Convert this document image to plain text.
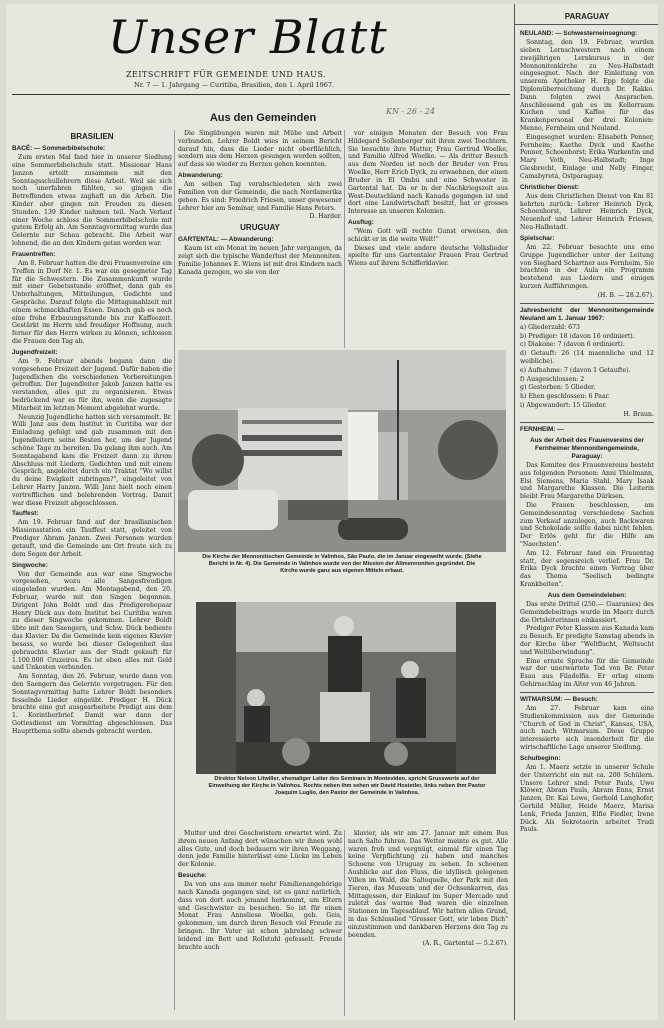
Unser Blatt
ZEITSCHRIFT FÜR GEMEINDE UND HAUS.
Nr. 7 — 1. Jahrgang — Curitiba, Brasilien, den 1. April 1967.
KN - 26 - 24
BRASILIEN
BACÉ: — Sommerbibelschule:

Zum ersten Mal fand hier in unserer Siedlung eine Sommerbibelschule statt. Missionar Hans Janzen erteilt zusammen mit den Sonntagsschullehrern diese Arbeit. Weil sie sich noch unerfahren fühlten, so gingen die Betreffenden etwas zaghaft an die Arbeit. Die Kinder aber gingen mit Freuden zu diesen Stunden. 139 Kinder nahmen teil. Nach Verlauf einer Woche schloss die Sommerbibelschule mit gutem Erfolg ab. Am Sonntagvormittag wurde das Gelernte zur Schau gebracht. Die Arbeit war lohnend, die an den Kindern getan worden war.

Frauentreffen:

Am 8. Februar hatten die drei Frauenvereine ein Treffen in Dorf Nr. 1. Es war ein gesegneter Tag für die Schwestern. Die Zusammenkunft wurde mit einer Gebetsstunde eröffnet, dann gab es Unterhaltungen, Mitteilungen, Gedichte und Gespräche. Darauf folgte die Mittagsmahlzeit mit einem schmackhaften Essen. Danach gab es noch eine frohe Erbauungsstunde bis zur Kaffeezeit. Gestärkt im Herrn und freudiger Hoffnung, auch ferner für den Herrn wirken zu können, schlossen die Frauen den Tag ab.

Jugendfreizeit:

Am 9. Februar abends begann dann die vorgesehene Freizeit der Jugend. Dafür haben die Jugendlichen die verschiedenen Vorbereitungen getroffen. Der Jugendleiter Jakob Janzen hatte es verstanden, alles gut zu organisieren. Etwas bedrückend war es für ihn, wenn die zugesagte Mitarbeit im letzten Moment abgelehnt wurde.

Neunzig Jugendliche hatten sich versammelt. Br. Willi Janz aus dem Institut in Curitiba war der Einladung gefolgt und gab zusammen mit den Jugendleitern seine Besten her, um der Jugend schöne Tage zu bereiten. Da gelang ihm auch. Am Sonntagabend kam die Freizeit dann zu ihrem Abschluss mit Liedern, Gedichten und mit einem Gespräch, angeleitet durch ein Traktat "Wo willst du deine Ewigkeit zubringen?", eingeleitet von Lehrer Harry Janzen. Willi Janz hielt noch einen vortrefflichen und belehrenden Vortrag. Damit war diese Freizeit abgeschlossen.

Tauffest:

Am 19. Februar fand auf der brasilianischen Missionsstation ein Tauffest statt, geleitet von Prediger Abram Janzen. Zwei Personen wurden getauft, und die Gemeinde am Ort freute sich zu dem Segen der Arbeit.

Singwoche:

Von der Gemeinde aus war eine Singwoche vorgesehen, wozu alle Sangesfreudigen eingeladen wurden. Am Montagabend, den 20. Februar, wurde mit den Singen begonnen. Dirigent John Boldt und das Predigerehepaar Henry Dück aus dem Institut bei Curitiba waren zu dieser Singwoche gekommen. Lehrer Boldt übte mit den Saengern, und Schw. Dück bediente das Klavier. Da die Gemeinde kein eigenes Klavier besass, so wurde bei dieser Gelegenheit das gebrauchte Klavier aus der Stadt gekauft für 1.100.000 Cruzeiros. Es ist eben alles mit Geld und Unkosten verbunden.

Am Sonntag, den 26. Februar, wurde dann von den Saengern das Gelernte vorgetragen. Für den Sonntagvormittag hatte Lehrer Boldt besonders fesselnde Lieder eingeübt. Prediger H. Dück brachte eine gut ausgearbeitete Predigt aus dem 1. Korintherbrief. Damit war dann der Gottesdienst am Vormittag abgeschlossen. Das Hauptthema sollte abends gebracht werden.

Aus den Gemeinden

Die Singübungen waren mit Mühe und Arbeit verbunden. Lehrer Boldt wies in seinem Bericht darauf hin, dass die Lieder nicht oberflächlich, sondern aus dem Herzen gesungen werden sollten, auf dass sie wieder zu Herzen gehen koennten.

Abwanderung:

Am selben Tag verabschiedeten sich zwei Familien von der Gemeinde, die nach Nordamerika gehen. Es sind: Friedrich Friesen, unser gewesener Lehrer hier am Seminar, und Familie Hans Peters.

D. Harder.
URUGUAY
GARTENTAL: — Abwanderung:

Kaum ist ein Monat im neuen Jahr vergangen, da zeigt sich die typische Wanderlust der Mennoniten. Familie Johannes E. Wiens ist mit drei Kindern nach Kanada gezogen, wo sie von der

vor einigen Monaten der Besuch von Frau Hildegard Sollenberger mit ihren zwei Toechtern. Sie besuchte ihre Mutter, Frau Gertrud Woelke, und Familie Alfred Woelke. — Als dritter Besuch aus dem Norden ist noch der Bruder von Frau Woelke, Herr Erich Dyck, zu erwaehnen, der einen Bruder in El Ombú und eine Schwester in Gartental hat. Da er in der Nachkriegszeit aus West-Deutschland nach Kanada gegangen ist und dort eine Landwirtschaft besitzt, hat er grosses Interesse an unseren Kolonien.

Ausflug:

"Wem Gott will rechte Gunst erweisen, den schickt er in die weite Welt!"

Dieses und viele andere deutsche Volkslieder spielte für uns Gartentaler Frauen Frau Gertrud Wiens auf ihrem Schifferklavier.

Die Kirche der Mennonitischen Gemeinde in Valinhos, São Paulo, die im Januar eingeweiht wurde. (Siehe Bericht in Nr. 4). Die Gemeinde in Valinhos wurde von der Mission der Altmennoniten gegründet. Die Kirche wurde ganz aus eigenen Mitteln erbaut.
Direktor Nelson Litwiller, ehemaliger Leiter des Seminars in Montevideo, spricht Grussworte auf der Einweihung der Kirche in Valinhos. Rechts neben ihm sehen wir David Hostetler, links neben ihm Pastor Joaquim Luglio, den Pastor der Gemeinde in Valinhos.

Mutter und drei Geschwistern erwartet wird. Zu ihrem neuen Anfang dort wünschen wir ihnen wohl alles Gute, und doch bedauern wir ihren Weggang, denn jede Familie hinterlässt eine Lücke im Leben der Kolonie.

Besuche:

Da von uns aus immer mehr Familienangehörige nach Kanada gegangen sind, ist es ganz natürlich, dass von dort auch jemand herkommt, um Eltern und Geschwister zu besuchen. So ist für einen Monat Frau Anneliese Woelke, geb. Geis, gekommen, um durch ihren Besuch viel Freude zu bringen. Ihr Vater ist schon jahrelang schwer leidend im Bett und Rollstuhl gefesselt. Freude brachte auch

klavier, als wir am 27. Januar mit einem Bus nach Salto fuhren. Das Wetter meinte es gut. Alle waren froh und vergnügt, einmal für einen Tag keine Verpflichtung zu haben und manches Schoene von Uruguay zu sehen. In schoenen Ausblicke auf den Fluss, die idyllisch gelegenen Villen im Wald, die Saltoquelle, der Park mit den Tieren, das Museum und der Ochsenkarren, das Mittagessen, der Einkauf im Super Mercado und zuletzt das warme Bad waren die einzelnen Stationen im Tagesablauf. Wir hatten allen Grund, in das Schlusslied "Grosser Gott, wir loben Dich" einzustimmen und dankbaren Herzens den Tag zu beenden.

(A. R., Gartental — 5.2.67).
PARAGUAY
NEULAND: — Schwesterneinsegnung:

Sonntag, den 19. Februar, wurden sieben Lernschwestern nach einem zweijährigen Lernkursus in der Mennonitenkirche zu Neu-Halbstadt eingesegnet. Nach der Einleitung von unserem Apotheker H. Epp folgte die Diplomüberreichung durch Dr. Rakko. Dann folgten zwei Ansprachen. Anschliessend gab es im Kellerraum Kuchen und Kaffee für das Krankenpersonal der drei Kolonien: Menno, Fernheim und Neuland.

Eingesegnet wurden: Elisabeth Penner, Fernheim; Kaethe Dyck und Kaethe Penner, Schoenhorst; Erika Warkentin und Mary Voth, Neu-Halbstadt; Inge Giesbrecht, Einlage und Nelly Finger, Camabyretá, Ostparaguay.

Christlicher Dienst:

Aus dem Christlichen Dienst von Km 81 kehrten zurück: Lehrer Heinrich Dyck, Schoenhorst, Lehrer Heinrich Dyck, Neuenhof und Lehrer Heinrich Friesen, Neu-Halbstadt.

Spielschar:

Am 22. Februar besuchte uns eine Gruppe Jugendlicher unter der Leitung von Sieghard Schartner aus Fernheim. Sie brachten in der Aula ein Programm bestehend aus Liedern und einigen kurzen Aufführungen.

(H. B. — 28.2.67).
Jahresbericht der Mennonitengemeinde Neuland am 1. Januar 1967:
a) Gliederzahl: 673
b) Prediger: 18 (davon 16 ordiniert).
c) Diakone: 7 (davon 6 ordiniert).
d) Getauft: 26 (14 maennliche und 12 weibliche).
e) Aufnahme: 7 (davon 1 Getaufte).
f) Ausgeschlossen: 2
g) Gestorben: 5 Glieder.
h) Ehen geschlossen: 6 Paar.
i) Abgewandert: 15 Glieder.
H. Braun.
FERNHEIM: —
Aus der Arbeit des Frauenvereins der Fernheimer Mennonitengemeinde, Paraguay:

Das Komitee des Frauenvereins besteht aus folgenden Personen: Anni Thielmann, Elsi Siemens, Maria Stahl, Mary Isaak und Margarethe Klassen. Die Leiterin bleibt Frau Margarethe Dürksen.

Die Frauen beschlossen, am Gemeindesonntag verschiedene Sachen zum Verkauf anzulegen, auch Backwaren und Schokolade sollte dabei nicht fehlen. Der Erlös geht für die Hilfe am "Naechsten".

Am 12. Februar fand ein Frauentag statt, der segensreich verlief. Frau Dr. Erika Dyck brachte einen Vortrag über das Thema "Seelisch bedingte Krankheiten".

Aus dem Gemeindeleben:

Das erste Drittel (250.— Guaranies) des Gemeindebeitrags wurde im Maerz durch die Ortsleiterinnen einkassiert.

Prediger Peter Klassen aus Kanada kam zu Besuch. Er predigte Samstag abends in der Kirche über "Weltflucht, Weltsucht und Weltüberwindung".

Eine ernste Sprache für die Gemeinde war der unerwartete Tod von Br. Peter Esau aus Filadelfia. Er erlag einem Gehirnschlag im Alter von 46 Jahren.

WITMARSUM: — Besuch:

Am 27. Februar kam eine Studienkommission aus der Gemeinde "Church of God in Christ", Kansas, USA, auch nach Witmarsum. Diese Gruppe interessierte sich insonderheit für die wirtschaftliche Lage unserer Siedlung.

Schulbeginn:

Am 1. Maerz setzte in unserer Schule der Unterricht ein mit ca. 200 Schülern. Unsere Lehrer sind: Peter Pauls, Uwe Klöwer, Abram Pauls, Abram Enns, Ernst Janzen, Dr. Kai Lewe, Gerhold Langhofer, Gerhild Müller, Heide Maerz, Marisa Lenk, Frieda Janzen, Elfie Fiedler, Irene Dück. Als Sekretaerin arbeitet Trudi Pauls.
